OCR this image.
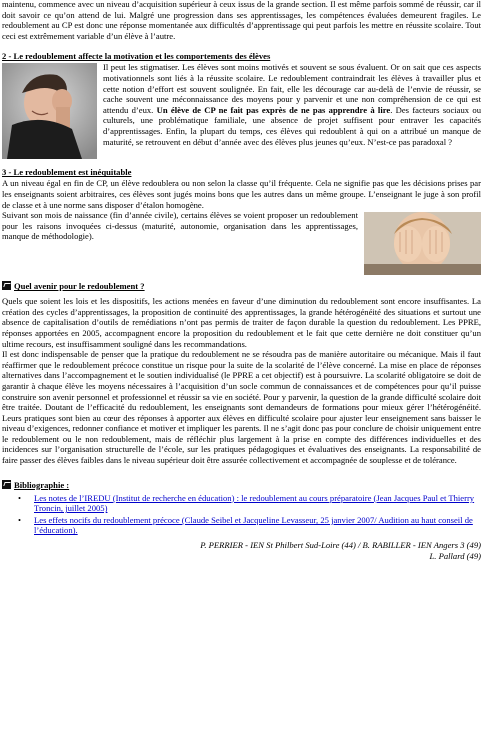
maintenu, commence avec un niveau d’acquisition supérieur à ceux issus de la grande section. Il est même parfois sommé de réussir, car il doit savoir ce qu’on attend de lui. Malgré une progression dans ses apprentissages, les compétences évaluées demeurent fragiles. Le redoublement au CP est donc une réponse momentanée aux difficultés d’apprentissage qui peut parfois les mettre en réussite scolaire. Tout ceci est extrêmement variable d’un élève à l’autre.

2 - Le redoublement affecte la motivation et les comportements des élèves

Il peut les stigmatiser. Les élèves sont moins motivés et souvent se sous évaluent. Or on sait que ces aspects motivationnels sont liés à la réussite scolaire. Le redoublement contraindrait les élèves à travailler plus et cette notion d’effort est souvent soulignée. En fait, elle les décourage car au-delà de l’envie de réussir, se cache souvent une méconnaissance des moyens pour y parvenir et une non compréhension de ce qui est attendu d’eux. Un élève de CP ne fait pas exprès de ne pas apprendre à lire. Des facteurs sociaux ou culturels, une problématique familiale, une absence de projet suffisent pour entraver les capacités d’apprentissages. Enfin, la plupart du temps, ces élèves qui redoublent à qui on a attribué un manque de maturité, se retrouvent en début d’année avec des élèves plus jeunes qu’eux. N’est-ce pas paradoxal ?

3 - Le redoublement est inéquitable

A un niveau égal en fin de CP, un élève redoublera ou non selon la classe qu’il fréquente. Cela ne signifie pas que les décisions prises par les enseignants soient arbitraires, ces élèves sont jugés moins bons que les autres dans un même groupe. L’enseignant le juge à son profil de classe et à une norme sans disposer d’étalon homogène.

Suivant son mois de naissance (fin d’année civile), certains élèves se voient proposer un redoublement pour les raisons invoquées ci-dessus (maturité, autonomie, organisation dans les apprentissages, manque de méthodologie).

Quel avenir pour le redoublement ?

Quels que soient les lois et les dispositifs, les actions menées en faveur d’une diminution du redoublement sont encore insuffisantes. La création des cycles d’apprentissages, la proposition de continuité des apprentissages, la grande hétérogénéité des situations et surtout une absence de capitalisation d’outils de remédiations n’ont pas permis de traiter de façon durable la question du redoublement. Les PPRE, réponses apportées en 2005, accompagnent encore la proposition du redoublement et le fait que cette dernière ne doit constituer qu’un ultime recours, est insuffisamment souligné dans les recommandations.

Il est donc indispensable de penser que la pratique du redoublement ne se résoudra pas de manière autoritaire ou mécanique. Mais il faut réaffirmer que le redoublement précoce constitue un risque pour la suite de la scolarité de l’élève concerné. La mise en place de réponses alternatives dans l’accompagnement et le soutien individualisé (le PPRE a cet objectif) est à poursuivre. La scolarité obligatoire se doit de garantir à chaque élève les moyens nécessaires à l’acquisition d’un socle commun de connaissances et de compétences pour qu’il puisse construire son avenir personnel et professionnel et réussir sa vie en société. Pour y parvenir, la question de la grande difficulté scolaire doit être traitée. Doutant de l’efficacité du redoublement, les enseignants sont demandeurs de formations pour mieux gérer l’hétérogénéité. Leurs pratiques sont bien au cœur des réponses à apporter aux élèves en difficulté scolaire pour ajuster leur enseignement sans baisser le niveau d’exigences, redonner confiance et motiver et impliquer les parents. Il ne s’agit donc pas pour conclure de choisir uniquement entre le redoublement ou le non redoublement, mais de réfléchir plus largement à la prise en compte des différences individuelles et des incidences sur l’organisation structurelle de l’école, sur les pratiques pédagogiques et évaluatives des enseignants. La responsabilité de faire passer des élèves faibles dans le niveau supérieur doit être assurée collectivement et accompagnée de souplesse et de tolérance.

Bibliographie :
• Les notes de l’IREDU (Institut de recherche en éducation) : le redoublement au cours préparatoire (Jean Jacques Paul et Thierry Troncin, juillet 2005)
• Les effets nocifs du redoublement précoce (Claude Seibel et Jacqueline Levasseur, 25 janvier 2007/ Audition au haut conseil de l’éducation).
P. PERRIER - IEN St Philbert Sud-Loire (44) / B. RABILLER - IEN Angers 3 (49)
L. Pallard (49)
